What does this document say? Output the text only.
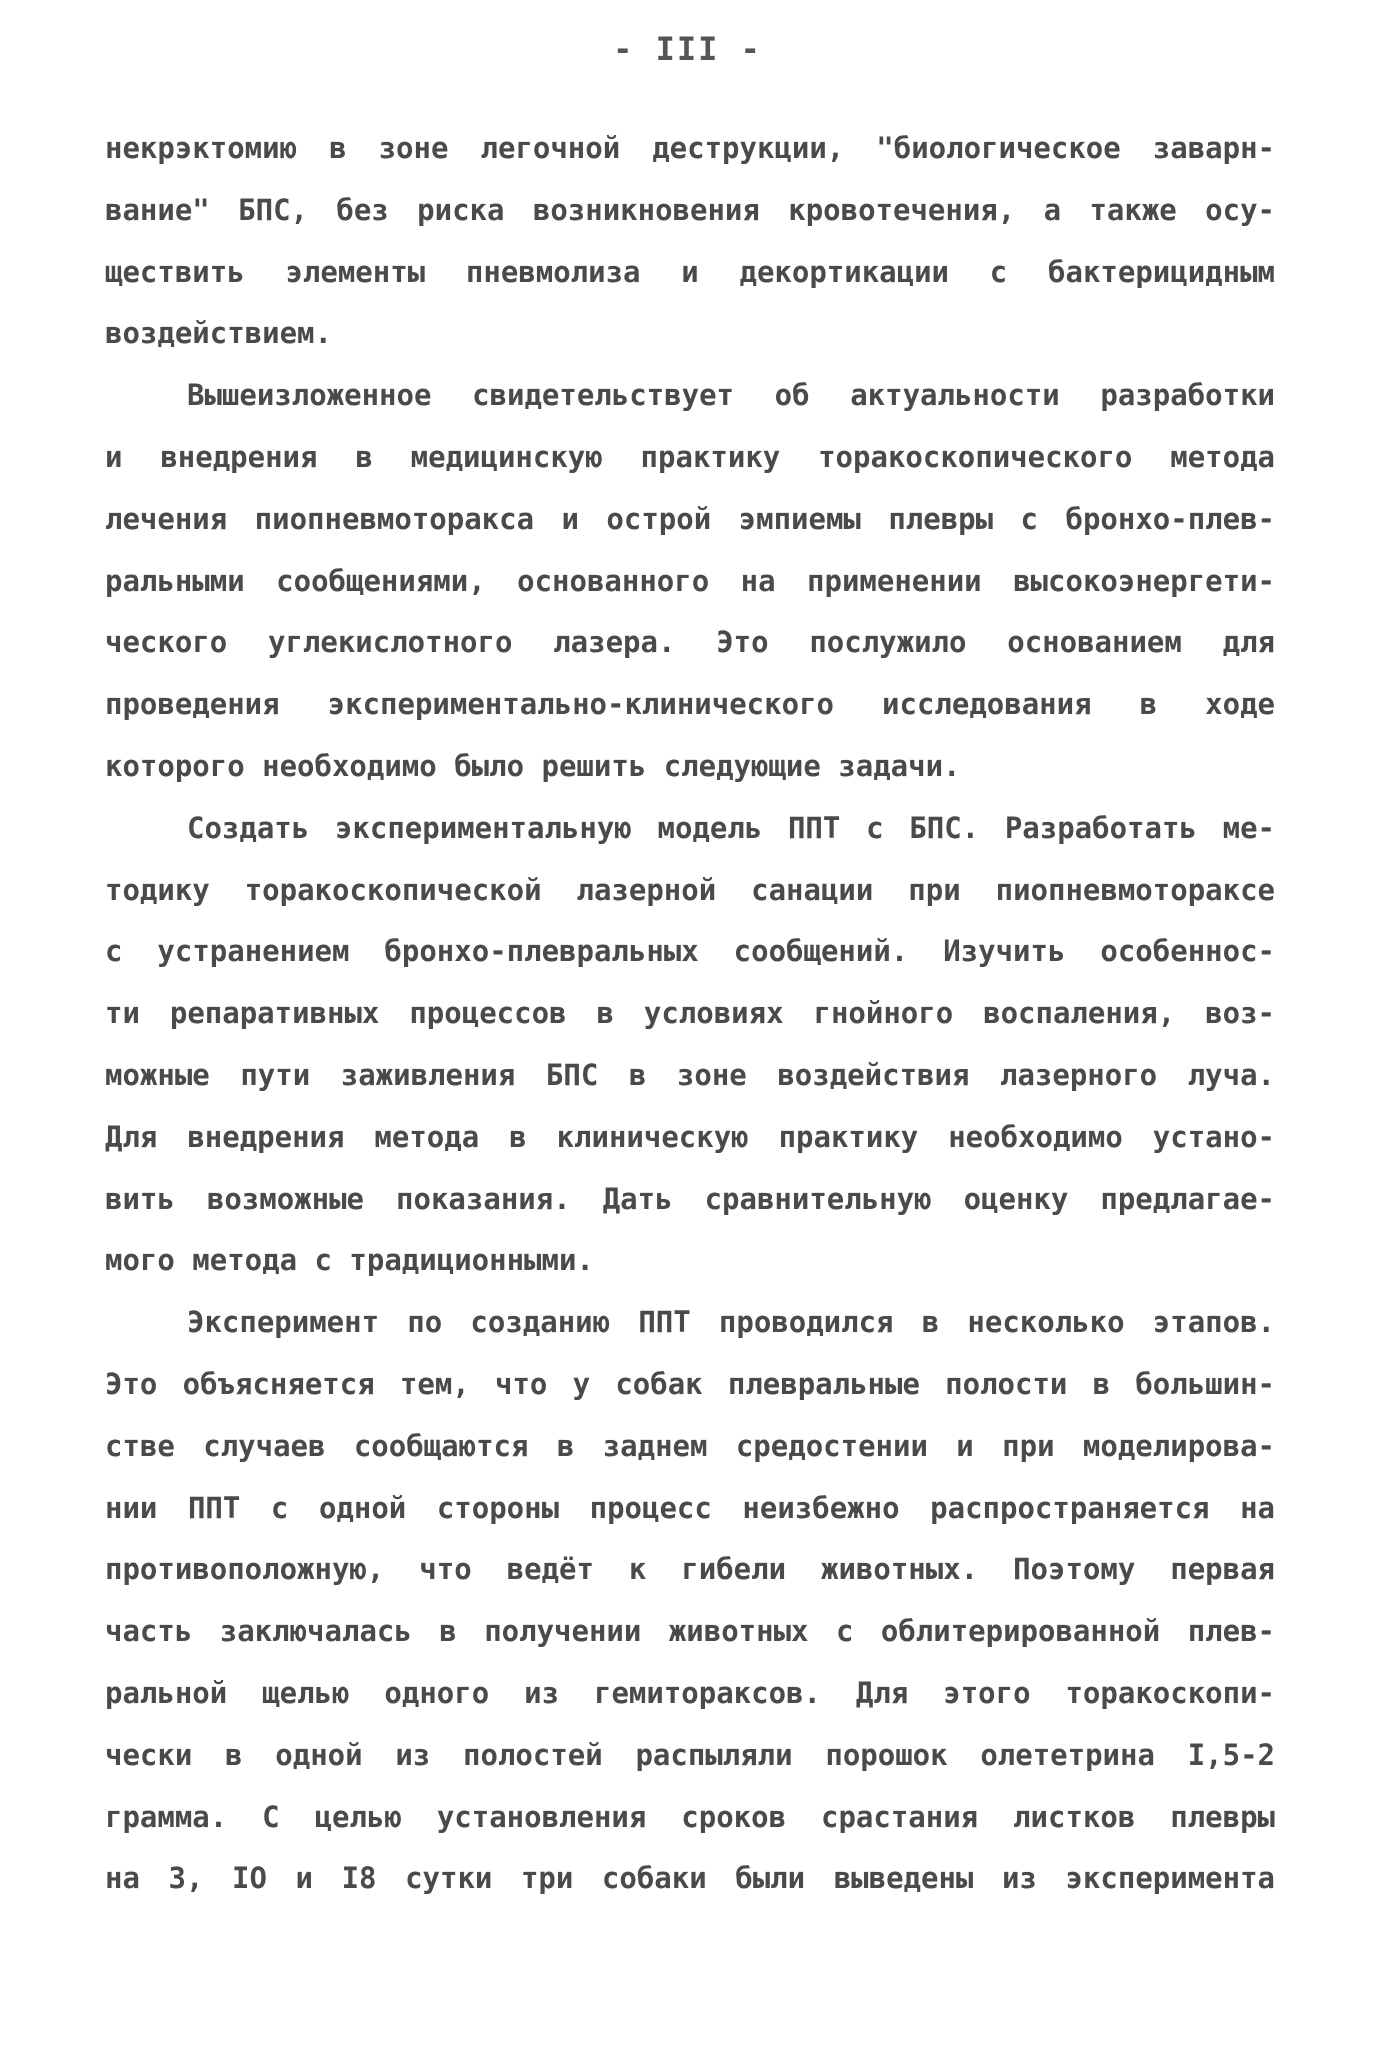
- III -
некрэктомию в зоне легочной деструкции, "биологическое заварн-
вание" БПС, без риска возникновения кровотечения, а также осу-
ществить элементы пневмолиза и декортикации с бактерицидным
воздействием.
Вышеизложенное свидетельствует об актуальности разработки
и внедрения в медицинскую практику торакоскопического метода
лечения пиопневмоторакса и острой эмпиемы плевры с бронхо-плев-
ральными сообщениями, основанного на применении высокоэнергети-
ческого углекислотного лазера. Это послужило основанием для
проведения экспериментально-клинического исследования в ходе
которого необходимо было решить следующие задачи.
Создать экспериментальную модель ППТ с БПС. Разработать ме-
тодику торакоскопической лазерной санации при пиопневмотораксе
с устранением бронхо-плевральных сообщений. Изучить особеннос-
ти репаративных процессов в условиях гнойного воспаления, воз-
можные пути заживления БПС в зоне воздействия лазерного луча.
Для внедрения метода в клиническую практику необходимо устано-
вить возможные показания. Дать сравнительную оценку предлагае-
мого метода с традиционными.
Эксперимент по созданию ППТ проводился в несколько этапов.
Это объясняется тем, что у собак плевральные полости в большин-
стве случаев сообщаются в заднем средостении и при моделирова-
нии ППТ с одной стороны процесс неизбежно распространяется на
противоположную, что ведёт к гибели животных. Поэтому первая
часть заключалась в получении животных с облитерированной плев-
ральной щелью одного из гемитораксов. Для этого торакоскопи-
чески в одной из полостей распыляли порошок олететрина I,5-2
грамма. С целью установления сроков срастания листков плевры
на 3, IO и I8 сутки три собаки были выведены из эксперимента
